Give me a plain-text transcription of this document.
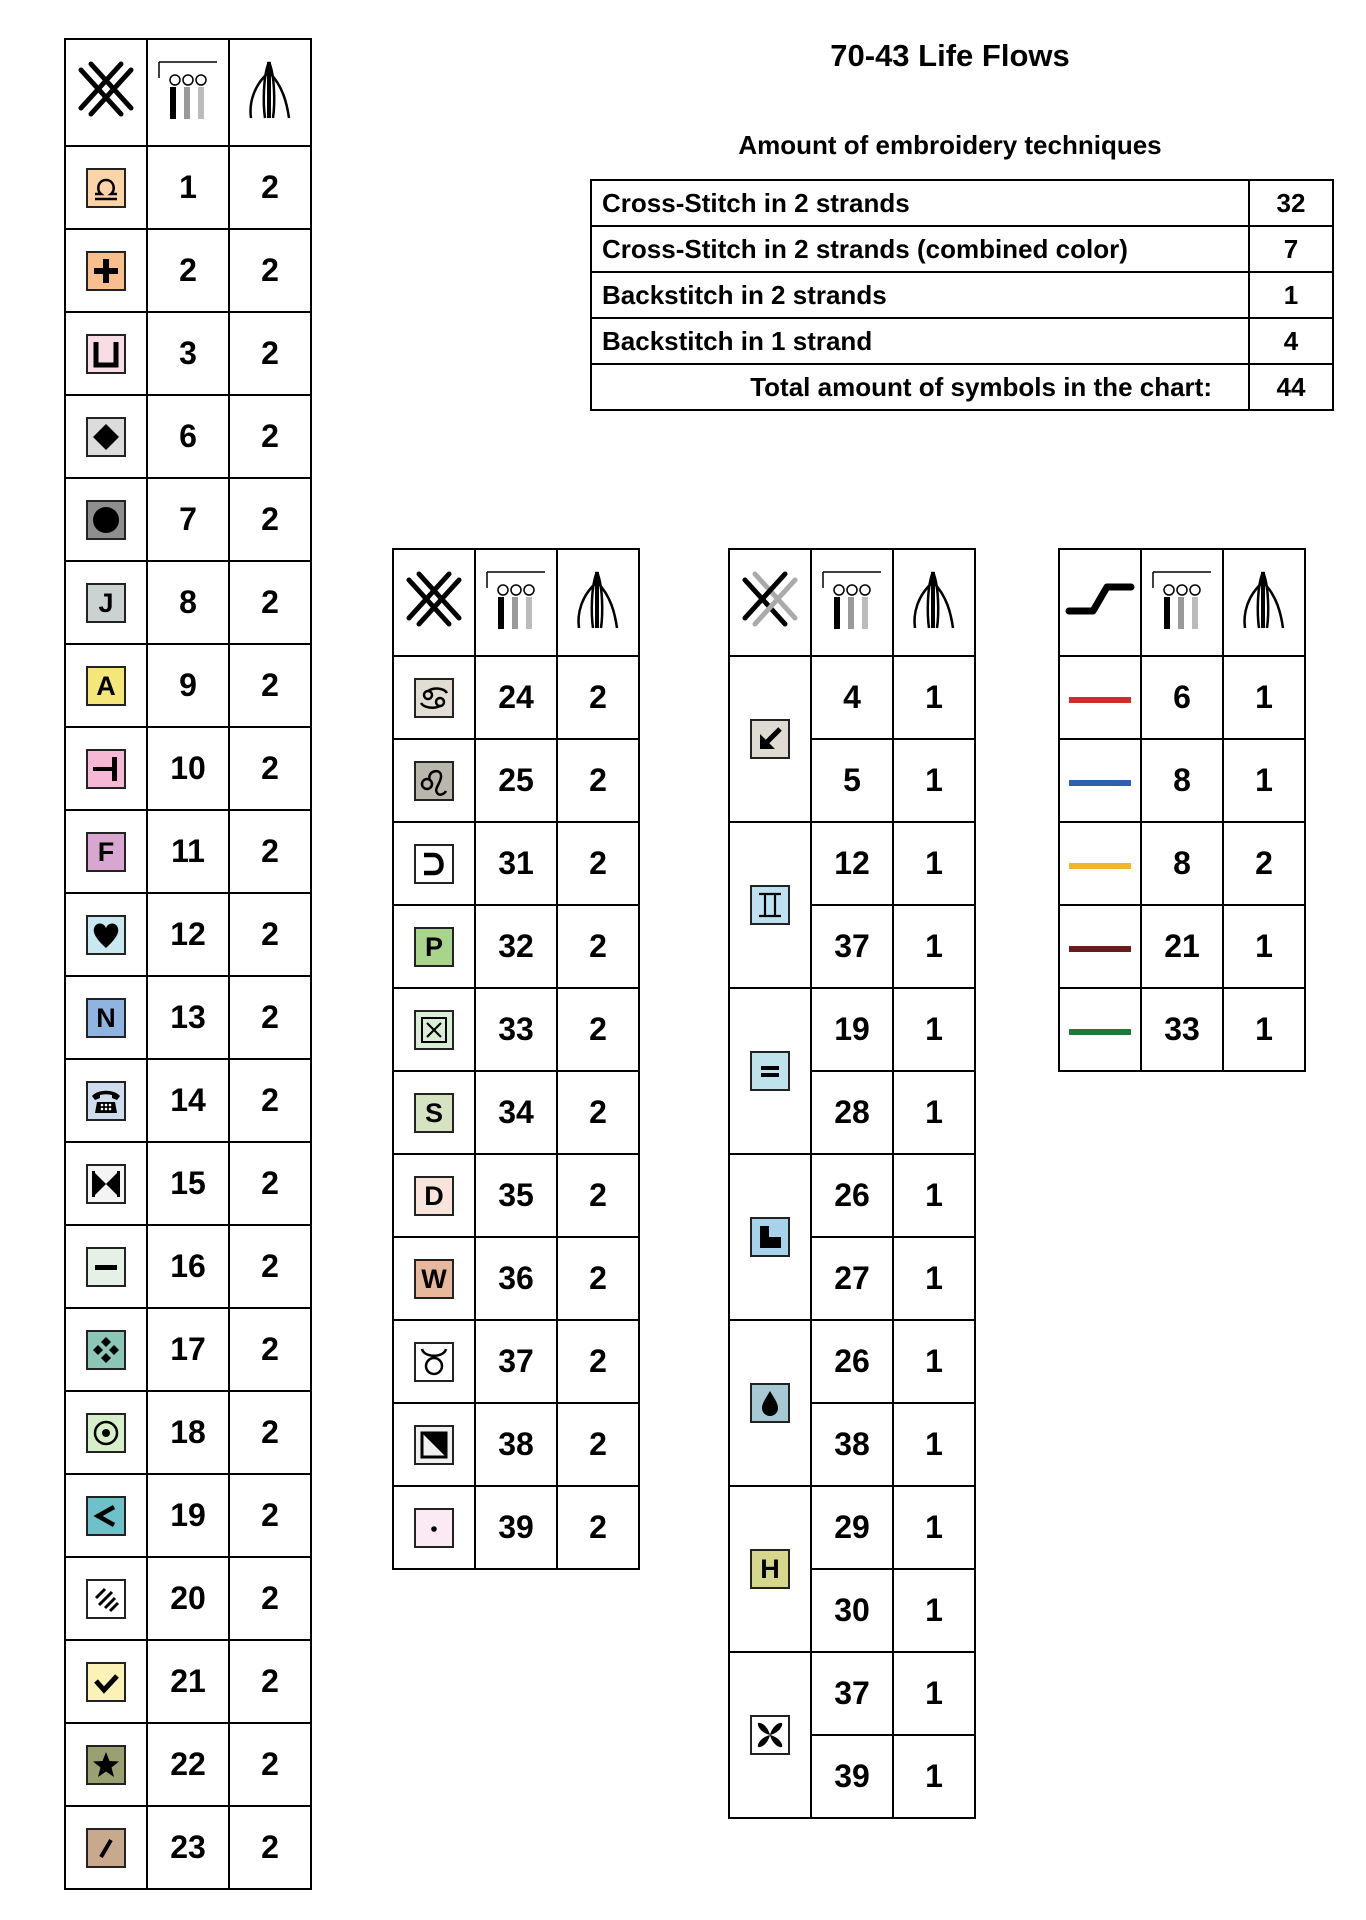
70-43 Life Flows
Amount of embroidery techniques
Cross-Stitch in 2 strands	32
Cross-Stitch in 2 strands (combined color)	7
Backstitch in 2 strands	1
Backstitch in 1 strand	4
Total amount of symbols in the chart:	44

	1	2

	2	2

	3	2

	6	2

	7	2
J	8	2
A	9	2

	10	2
F	11	2

	12	2
N	13	2

	14	2

	15	2

	16	2

	17	2

	18	2

	19	2

	20	2

	21	2

	22	2

	23	2

	24	2

	25	2

	31	2
P	32	2

	33	2
S	34	2
D	35	2
W	36	2

	37	2

	38	2

	39	2

	4	1
	5	1

	12	1
	37	1

	19	1
	28	1

	26	1
	27	1

	26	1
	38	1
H	29	1
	30	1

	37	1
	39	1

	6	1
	8	1
	8	2
	21	1
	33	1
